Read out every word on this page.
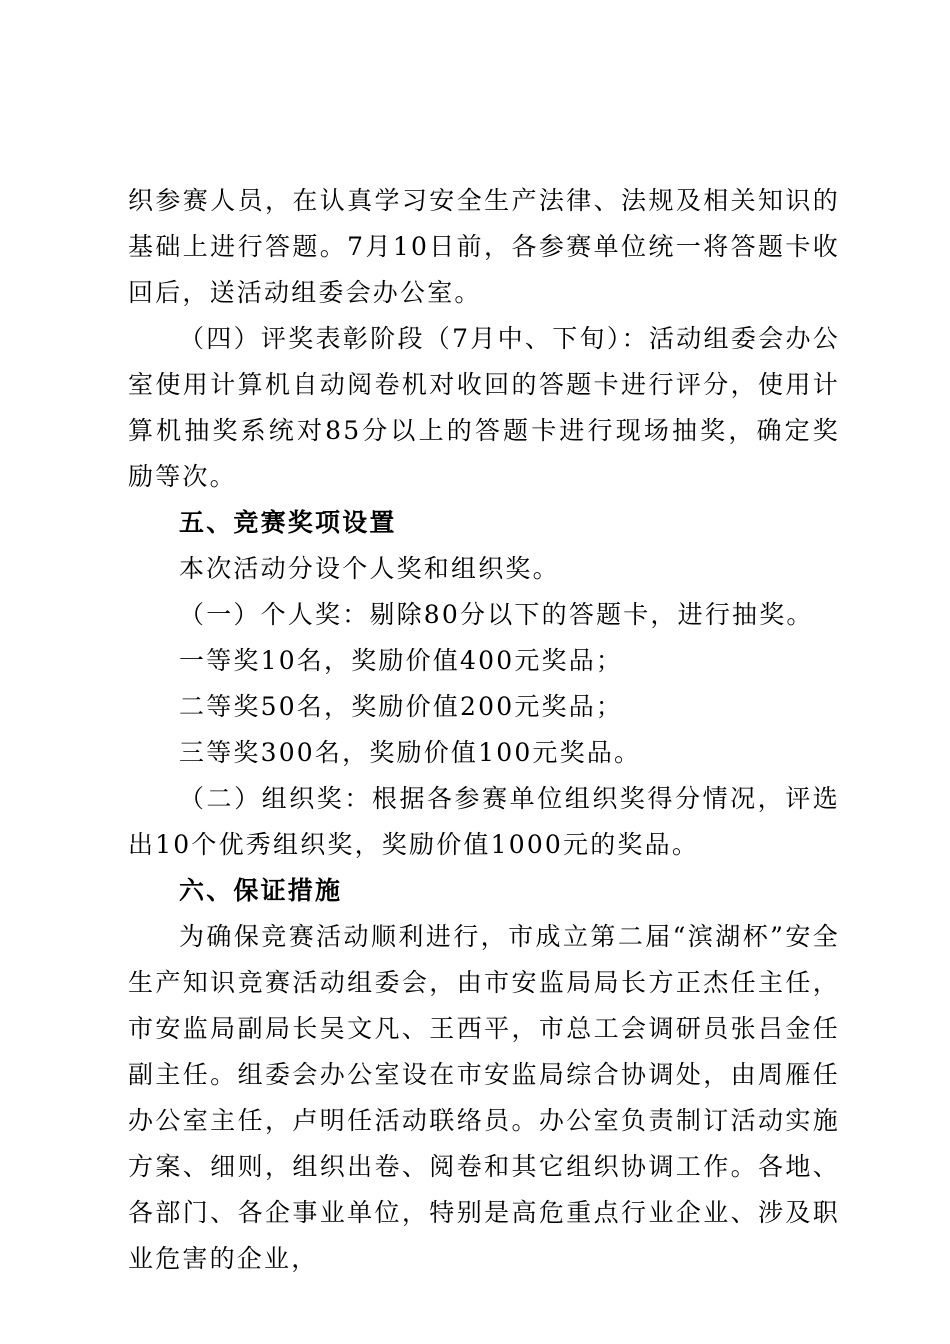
织参赛人员，在认真学习安全生产法律、法规及相关知识的基础上进行答题。7月10日前，各参赛单位统一将答题卡收回后，送活动组委会办公室。

（四）评奖表彰阶段（7月中、下旬）：活动组委会办公室使用计算机自动阅卷机对收回的答题卡进行评分，使用计算机抽奖系统对85分以上的答题卡进行现场抽奖，确定奖励等次。

五、竞赛奖项设置

本次活动分设个人奖和组织奖。

（一）个人奖：剔除80分以下的答题卡，进行抽奖。

一等奖10名，奖励价值400元奖品；

二等奖50名，奖励价值200元奖品；

三等奖300名，奖励价值100元奖品。

（二）组织奖：根据各参赛单位组织奖得分情况，评选出10个优秀组织奖，奖励价值1000元的奖品。

六、保证措施

为确保竞赛活动顺利进行，市成立第二届“滨湖杯”安全生产知识竞赛活动组委会，由市安监局局长方正杰任主任，市安监局副局长吴文凡、王西平，市总工会调研员张吕金任副主任。组委会办公室设在市安监局综合协调处，由周雁任办公室主任，卢明任活动联络员。办公室负责制订活动实施方案、细则，组织出卷、阅卷和其它组织协调工作。各地、各部门、各企事业单位，特别是高危重点行业企业、涉及职业危害的企业，
